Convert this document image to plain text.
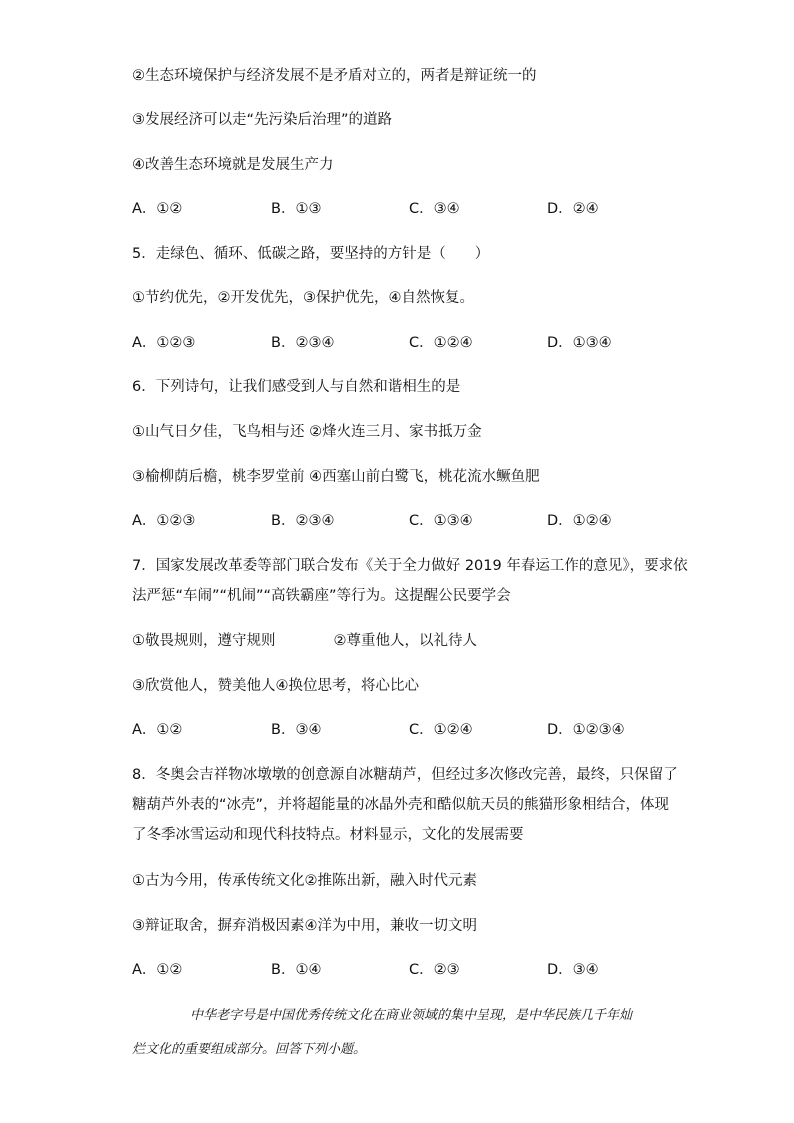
②生态环境保护与经济发展不是矛盾对立的，两者是辩证统一的
③发展经济可以走“先污染后治理”的道路
④改善生态环境就是发展生产力
A．①②	B．①③	C．③④	D．②④
5．走绿色、循环、低碳之路，要坚持的方针是（　　）
①节约优先，②开发优先，③保护优先，④自然恢复。
A．①②③	B．②③④	C．①②④	D．①③④
6．下列诗句，让我们感受到人与自然和谐相生的是
①山气日夕佳，飞鸟相与还 ②烽火连三月、家书抵万金
③榆柳荫后檐，桃李罗堂前 ④西塞山前白鹭飞，桃花流水鳜鱼肥
A．①②③	B．②③④	C．①③④	D．①②④
7．国家发展改革委等部门联合发布《关于全力做好 2019 年春运工作的意见》，要求依
法严惩“车闹”“机闹”“高铁霸座”等行为。这提醒公民要学会
①敬畏规则，遵守规则　　　　②尊重他人，以礼待人
③欣赏他人，赞美他人④换位思考，将心比心
A．①②	B．③④	C．①②④	D．①②③④
8．冬奥会吉祥物冰墩墩的创意源自冰糖葫芦，但经过多次修改完善，最终，只保留了
糖葫芦外表的“冰壳”，并将超能量的冰晶外壳和酷似航天员的熊猫形象相结合，体现
了冬季冰雪运动和现代科技特点。材料显示，文化的发展需要
①古为今用，传承传统文化②推陈出新，融入时代元素
③辩证取舍，摒弃消极因素④洋为中用，兼收一切文明
A．①②	B．①④	C．②③	D．③④
中华老字号是中国优秀传统文化在商业领域的集中呈现，是中华民族几千年灿
烂文化的重要组成部分。回答下列小题。
